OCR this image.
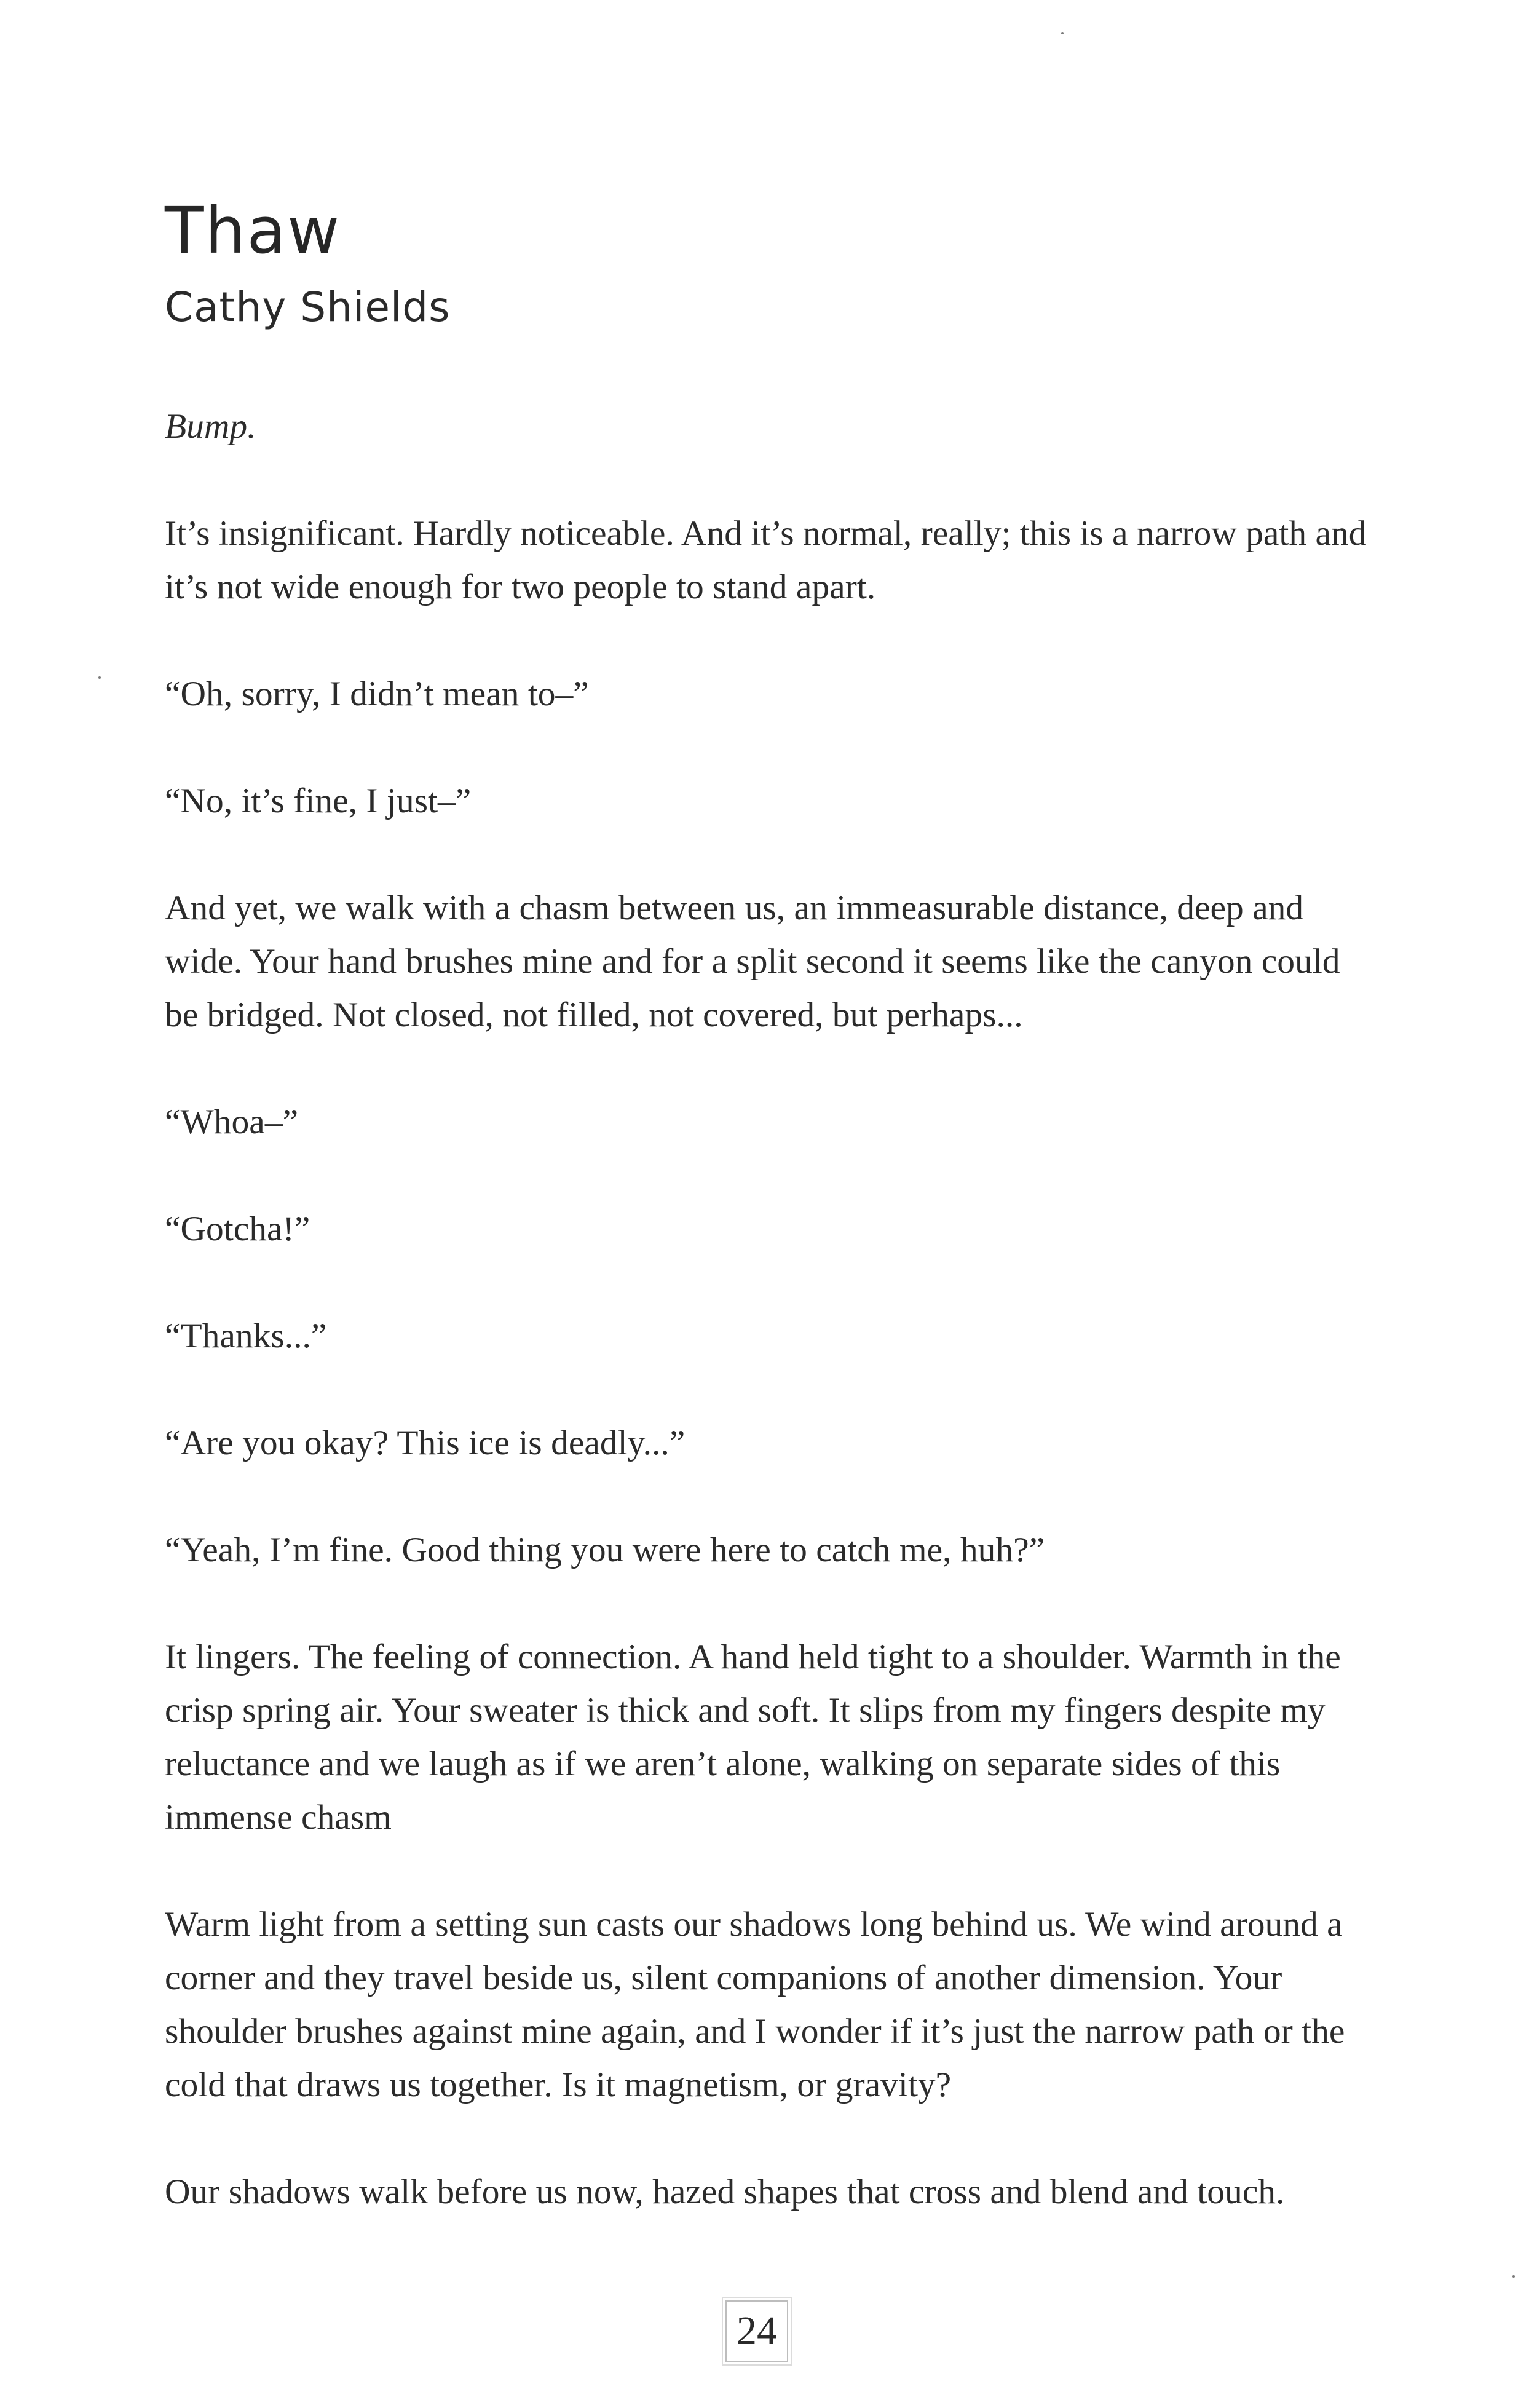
Thaw
Cathy Shields

Bump.

It’s insignificant. Hardly noticeable. And it’s normal, really; this is a narrow path and it’s not wide enough for two people to stand apart.

“Oh, sorry, I didn’t mean to–”

“No, it’s fine, I just–”

And yet, we walk with a chasm between us, an immeasurable distance, deep and wide. Your hand brushes mine and for a split second it seems like the canyon could be bridged. Not closed, not filled, not covered, but perhaps...

“Whoa–”

“Gotcha!”

“Thanks...”

“Are you okay? This ice is deadly...”

“Yeah, I’m fine. Good thing you were here to catch me, huh?”

It lingers. The feeling of connection. A hand held tight to a shoulder. Warmth in the crisp spring air. Your sweater is thick and soft. It slips from my fingers despite my reluctance and we laugh as if we aren’t alone, walking on separate sides of this immense chasm

Warm light from a setting sun casts our shadows long behind us. We wind around a corner and they travel beside us, silent companions of another dimension. Your shoulder brushes against mine again, and I wonder if it’s just the narrow path or the cold that draws us together. Is it magnetism, or gravity?

Our shadows walk before us now, hazed shapes that cross and blend and touch.

24
